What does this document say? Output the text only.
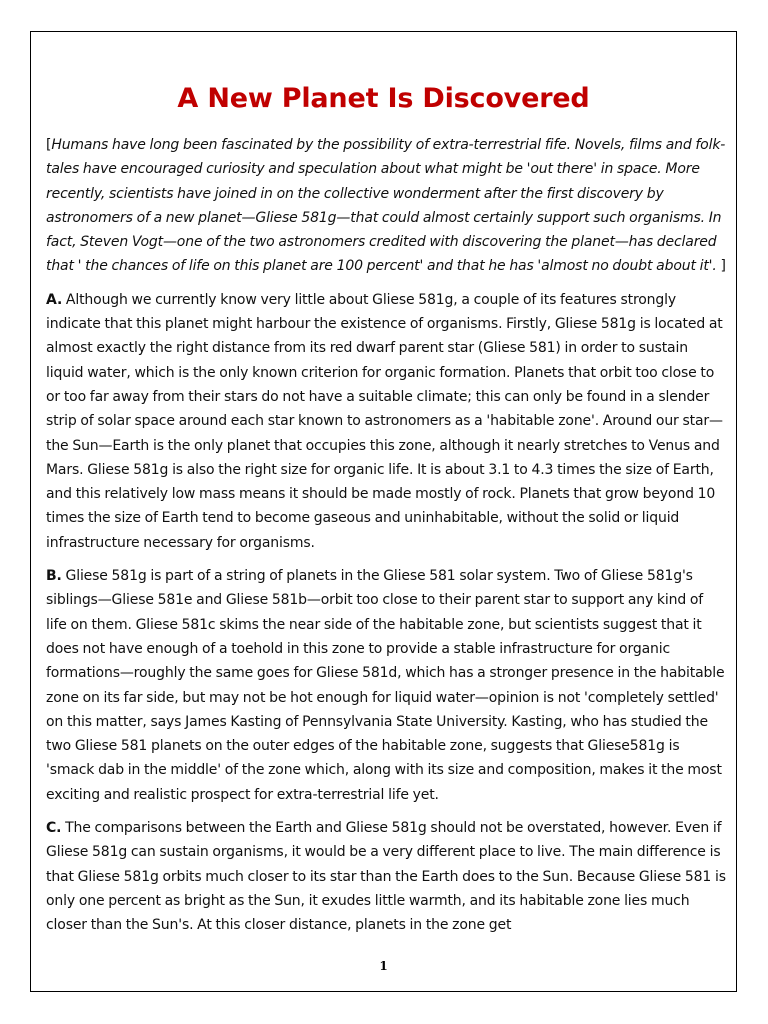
A New Planet Is Discovered

[Humans have long been fascinated by the possibility of extra-terrestrial fife. Novels, films and folk-tales have encouraged curiosity and speculation about what might be 'out there' in space. More recently, scientists have joined in on the collective wonderment after the first discovery by astronomers of a new planet—Gliese 581g—that could almost certainly support such organisms. In fact, Steven Vogt—one of the two astronomers credited with discovering the planet—has declared that ' the chances of life on this planet are 100 percent' and that he has 'almost no doubt about it'. ]

A. Although we currently know very little about Gliese 581g, a couple of its features strongly indicate that this planet might harbour the existence of organisms. Firstly, Gliese 581g is located at almost exactly the right distance from its red dwarf parent star (Gliese 581) in order to sustain liquid water, which is the only known criterion for organic formation. Planets that orbit too close to or too far away from their stars do not have a suitable climate; this can only be found in a slender strip of solar space around each star known to astronomers as a 'habitable zone'. Around our star—the Sun—Earth is the only planet that occupies this zone, although it nearly stretches to Venus and Mars. Gliese 581g is also the right size for organic life. It is about 3.1 to 4.3 times the size of Earth, and this relatively low mass means it should be made mostly of rock. Planets that grow beyond 10 times the size of Earth tend to become gaseous and uninhabitable, without the solid or liquid infrastructure necessary for organisms.

B. Gliese 581g is part of a string of planets in the Gliese 581 solar system. Two of Gliese 581g's siblings—Gliese 581e and Gliese 581b—orbit too close to their parent star to support any kind of life on them. Gliese 581c skims the near side of the habitable zone, but scientists suggest that it does not have enough of a toehold in this zone to provide a stable infrastructure for organic formations—roughly the same goes for Gliese 581d, which has a stronger presence in the habitable zone on its far side, but may not be hot enough for liquid water—opinion is not 'completely settled' on this matter, says James Kasting of Pennsylvania State University. Kasting, who has studied the two Gliese 581 planets on the outer edges of the habitable zone, suggests that Gliese581g is 'smack dab in the middle' of the zone which, along with its size and composition, makes it the most exciting and realistic prospect for extra-terrestrial life yet.

C. The comparisons between the Earth and Gliese 581g should not be overstated, however. Even if Gliese 581g can sustain organisms, it would be a very different place to live. The main difference is that Gliese 581g orbits much closer to its star than the Earth does to the Sun. Because Gliese 581 is only one percent as bright as the Sun, it exudes little warmth, and its habitable zone lies much closer than the Sun's. At this closer distance, planets in the zone get

1
